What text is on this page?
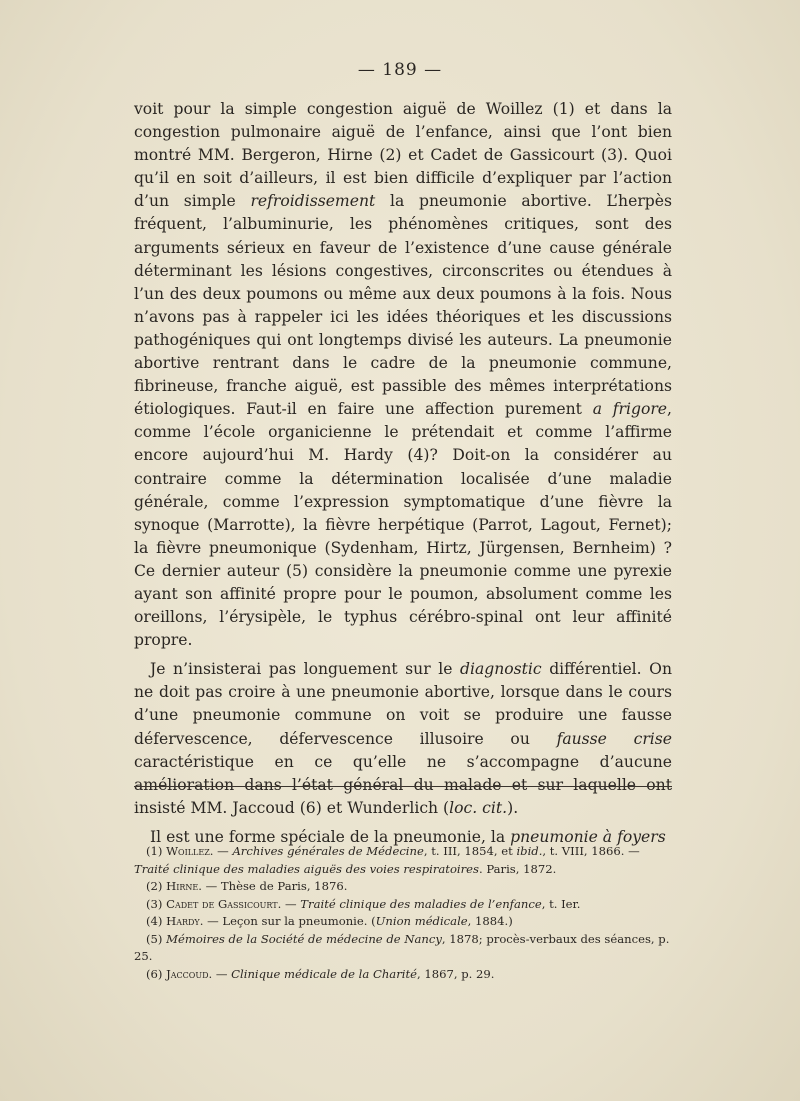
— 189 —

voit pour la simple congestion aiguë de Woillez (1) et dans la congestion pulmonaire aiguë de l’enfance, ainsi que l’ont bien montré MM. Bergeron, Hirne (2) et Cadet de Gassicourt (3). Quoi qu’il en soit d’ailleurs, il est bien difficile d’expliquer par l’action d’un simple refroidissement la pneumonie abortive. L’herpès fréquent, l’albuminurie, les phénomènes critiques, sont des arguments sérieux en faveur de l’existence d’une cause générale déterminant les lésions congestives, circonscrites ou étendues à l’un des deux poumons ou même aux deux poumons à la fois. Nous n’avons pas à rappeler ici les idées théoriques et les discussions pathogéniques qui ont longtemps divisé les auteurs. La pneumonie abortive rentrant dans le cadre de la pneumonie commune, fibrineuse, franche aiguë, est passible des mêmes interprétations étiologiques. Faut-il en faire une affection purement a frigore, comme l’école organicienne le prétendait et comme l’affirme encore aujourd’hui M. Hardy (4)? Doit-on la considérer au contraire comme la détermination localisée d’une maladie générale, comme l’expression symptomatique d’une fièvre la synoque (Marrotte), la fièvre herpétique (Parrot, Lagout, Fernet); la fièvre pneumonique (Sydenham, Hirtz, Jürgensen, Bernheim) ? Ce dernier auteur (5) considère la pneumonie comme une pyrexie ayant son affinité propre pour le poumon, absolument comme les oreillons, l’érysipèle, le typhus cérébro-spinal ont leur affinité propre.

Je n’insisterai pas longuement sur le diagnostic différentiel. On ne doit pas croire à une pneumonie abortive, lorsque dans le cours d’une pneumonie commune on voit se produire une fausse défervescence, défervescence illusoire ou fausse crise caractéristique en ce qu’elle ne s’accompagne d’aucune amélioration dans l’état général du malade et sur laquelle ont insisté MM. Jaccoud (6) et Wunderlich (loc. cit.).

Il est une forme spéciale de la pneumonie, la pneumonie à foyers

(1) Woillez. — Archives générales de Médecine, t. III, 1854, et ibid., t. VIII, 1866. — Traité clinique des maladies aiguës des voies respiratoires. Paris, 1872.

(2) Hirne. — Thèse de Paris, 1876.

(3) Cadet de Gassicourt. — Traité clinique des maladies de l’enfance, t. Ier.

(4) Hardy. — Leçon sur la pneumonie. (Union médicale, 1884.)

(5) Mémoires de la Société de médecine de Nancy, 1878; procès-verbaux des séances, p. 25.

(6) Jaccoud. — Clinique médicale de la Charité, 1867, p. 29.
